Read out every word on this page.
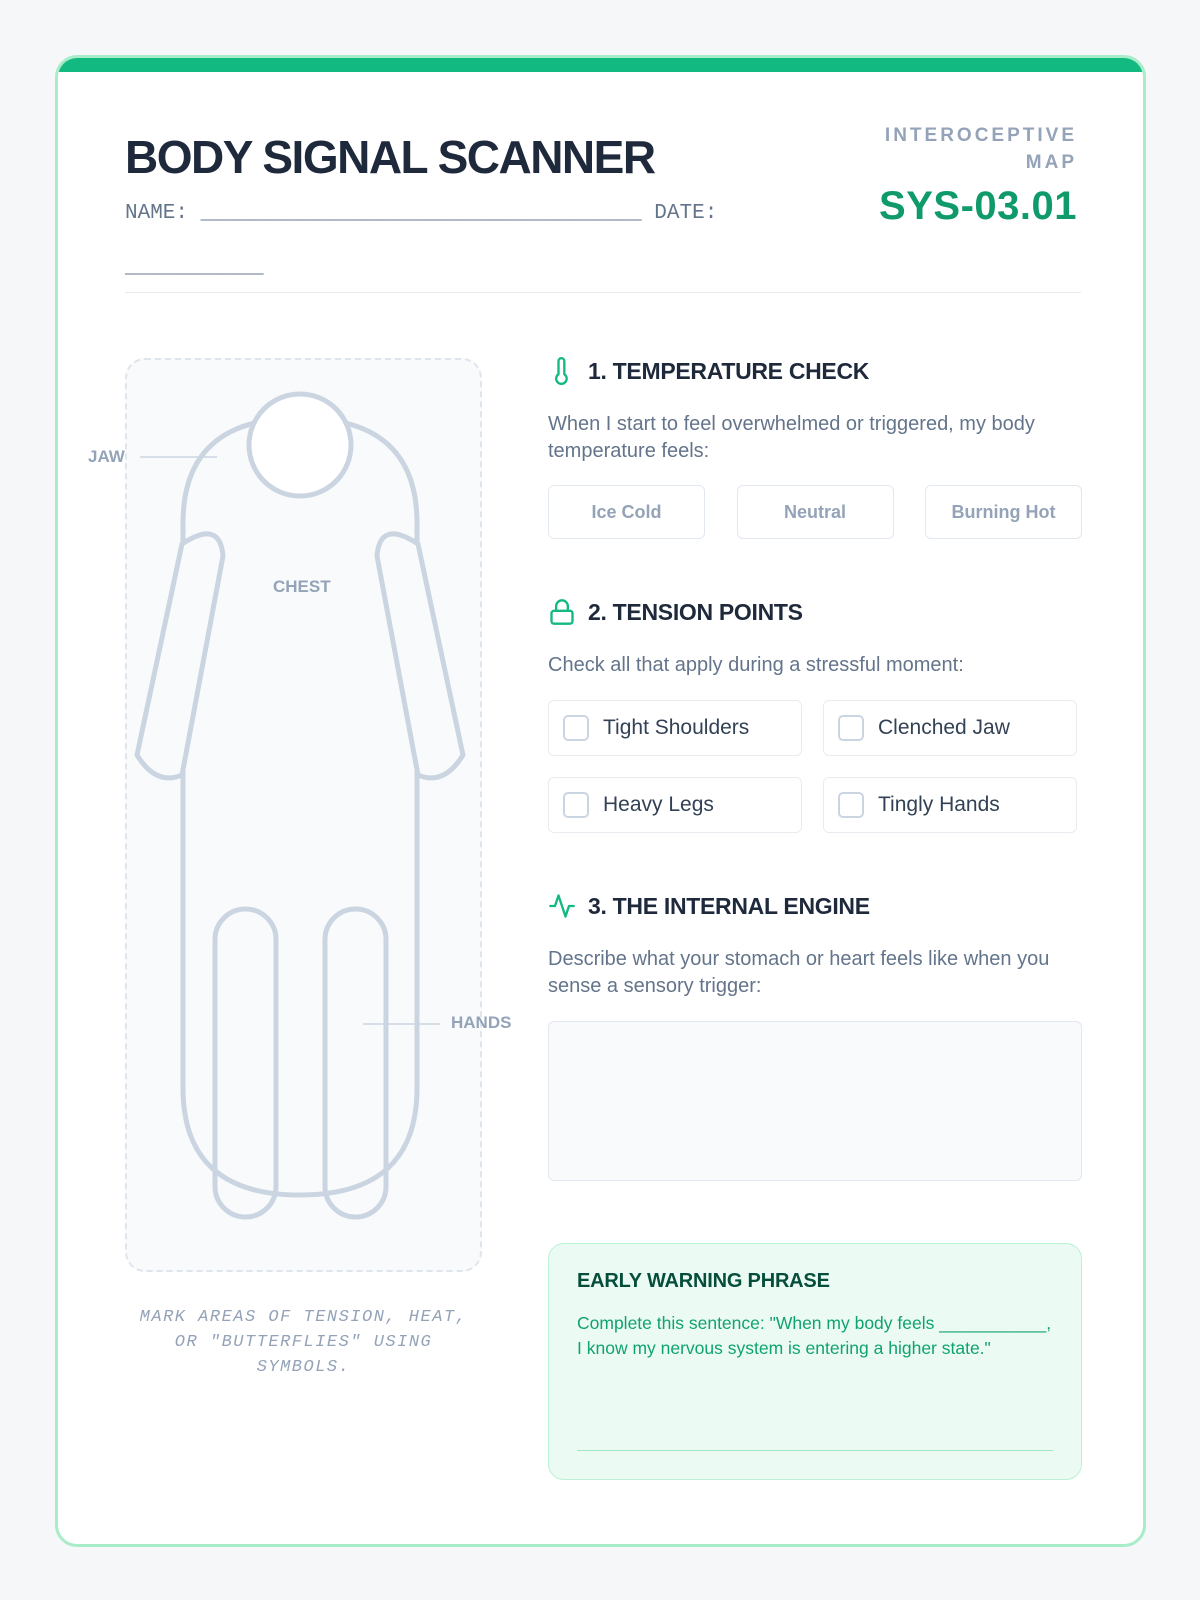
BODY SIGNAL SCANNER
NAME: ___________________________________ DATE: ___________
INTEROCEPTIVE MAP
SYS-03.01
JAW
CHEST
HANDS
MARK AREAS OF TENSION, HEAT, OR "BUTTERFLIES" USING SYMBOLS.
1. TEMPERATURE CHECK
When I start to feel overwhelmed or triggered, my body temperature feels:
Ice Cold	Neutral	Burning Hot
2. TENSION POINTS
Check all that apply during a stressful moment:
Tight Shoulders	Clenched Jaw
Heavy Legs	Tingly Hands
3. THE INTERNAL ENGINE
Describe what your stomach or heart feels like when you sense a sensory trigger:
EARLY WARNING PHRASE
Complete this sentence: "When my body feels ___________, I know my nervous system is entering a higher state."
